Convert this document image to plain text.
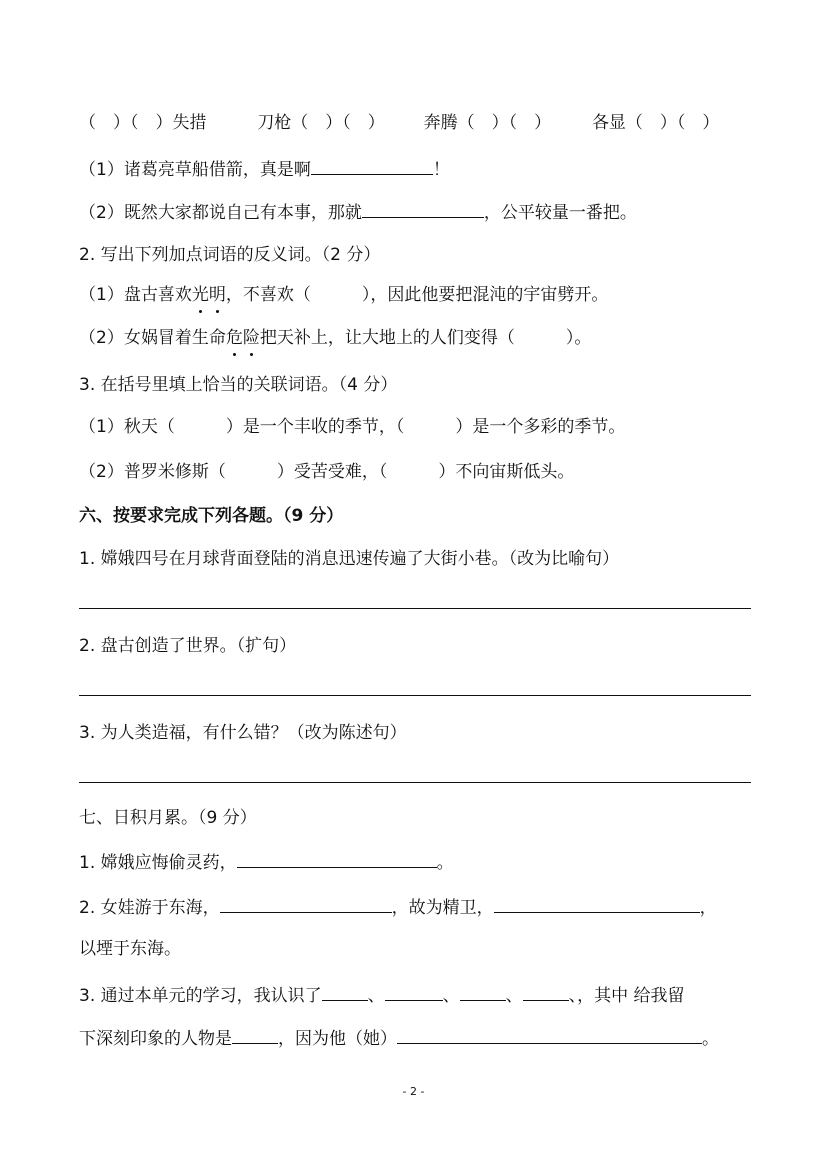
（　）（　）失措	刀枪（　）（　） 奔腾（　）（　） 各显（　）（　）
（1）诸葛亮草船借箭，真是啊	！
（2）既然大家都说自己有本事，那就	，公平较量一番把。
2. 写出下列加点词语的反义词。（2 分）
（1）盘古喜欢光明，不喜欢（　　　），因此他要把混沌的宇宙劈开。
（2）女娲冒着生命危险把天补上，让大地上的人们变得（　　　）。
3. 在括号里填上恰当的关联词语。（4 分）
（1）秋天（　　　）是一个丰收的季节，（　　　）是一个多彩的季节。
（2）普罗米修斯（　　　）受苦受难，（　　　）不向宙斯低头。
六、按要求完成下列各题。（9 分）
1. 嫦娥四号在月球背面登陆的消息迅速传遍了大街小巷。（改为比喻句）
2. 盘古创造了世界。（扩句）
3. 为人类造福，有什么错？（改为陈述句）
七、日积月累。（9 分）
1. 嫦娥应悔偷灵药，	。
2. 女娃游于东海，	，故为精卫，	，
以堙于东海。
3. 通过本单元的学习，我认识了	、	、	、	、，其中 给我留
下深刻印象的人物是	，因为他（她）	。
- 2 -
